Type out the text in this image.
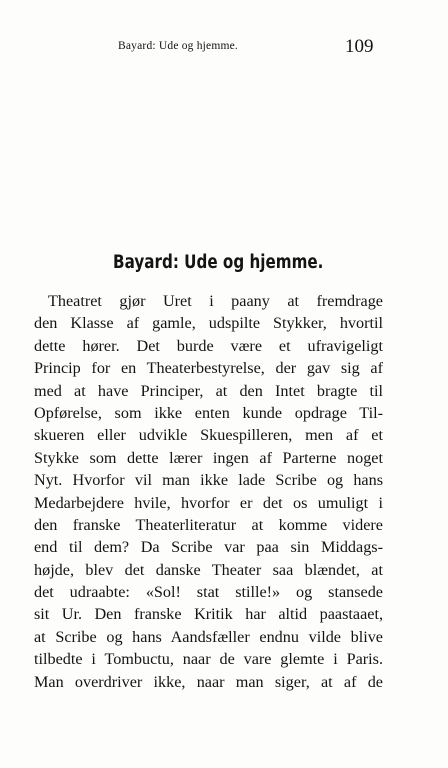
Bayard: Ude og hjemme.	109
Bayard: Ude og hjemme.
Theatret gjør Uret i paany at fremdrage
den Klasse af gamle, udspilte Stykker, hvortil
dette hører. Det burde være et ufravigeligt
Princip for en Theaterbestyrelse, der gav sig af
med at have Principer, at den Intet bragte til
Opførelse, som ikke enten kunde opdrage Til-
skueren eller udvikle Skuespilleren, men af et
Stykke som dette lærer ingen af Parterne noget
Nyt. Hvorfor vil man ikke lade Scribe og hans
Medarbejdere hvile, hvorfor er det os umuligt i
den franske Theaterliteratur at komme videre
end til dem? Da Scribe var paa sin Middags-
højde, blev det danske Theater saa blændet, at
det udraabte: «Sol! stat stille!» og stansede
sit Ur. Den franske Kritik har altid paastaaet,
at Scribe og hans Aandsfæller endnu vilde blive
tilbedte i Tombuctu, naar de vare glemte i Paris.
Man overdriver ikke, naar man siger, at af de
